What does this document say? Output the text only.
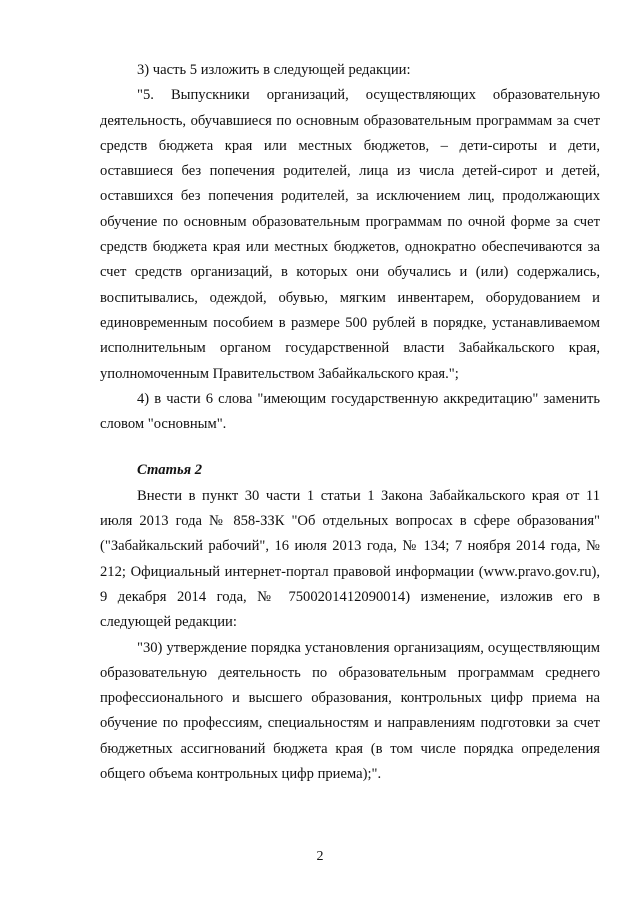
3) часть 5 изложить в следующей редакции:

"5. Выпускники организаций, осуществляющих образовательную деятельность, обучавшиеся по основным образовательным программам за счет средств бюджета края или местных бюджетов, – дети-сироты и дети, оставшиеся без попечения родителей, лица из числа детей-сирот и детей, оставшихся без попечения родителей, за исключением лиц, продолжающих обучение по основным образовательным программам по очной форме за счет средств бюджета края или местных бюджетов, однократно обеспечиваются за счет средств организаций, в которых они обучались и (или) содержались, воспитывались, одеждой, обувью, мягким инвентарем, оборудованием и единовременным пособием в размере 500 рублей в порядке, устанавливаемом исполнительным органом государственной власти Забайкальского края, уполномоченным Правительством Забайкальского края.";

4) в части 6 слова "имеющим государственную аккредитацию" заменить словом "основным".

Статья 2

Внести в пункт 30 части 1 статьи 1 Закона Забайкальского края от 11 июля 2013 года № 858-ЗЗК "Об отдельных вопросах в сфере образования" ("Забайкальский рабочий", 16 июля 2013 года, № 134; 7 ноября 2014 года, № 212; Официальный интернет-портал правовой информации (www.pravo.gov.ru), 9 декабря 2014 года, № 7500201412090014) изменение, изложив его в следующей редакции:

"30) утверждение порядка установления организациям, осуществляющим образовательную деятельность по образовательным программам среднего профессионального и высшего образования, контрольных цифр приема на обучение по профессиям, специальностям и направлениям подготовки за счет бюджетных ассигнований бюджета края (в том числе порядка определения общего объема контрольных цифр приема);".

2
